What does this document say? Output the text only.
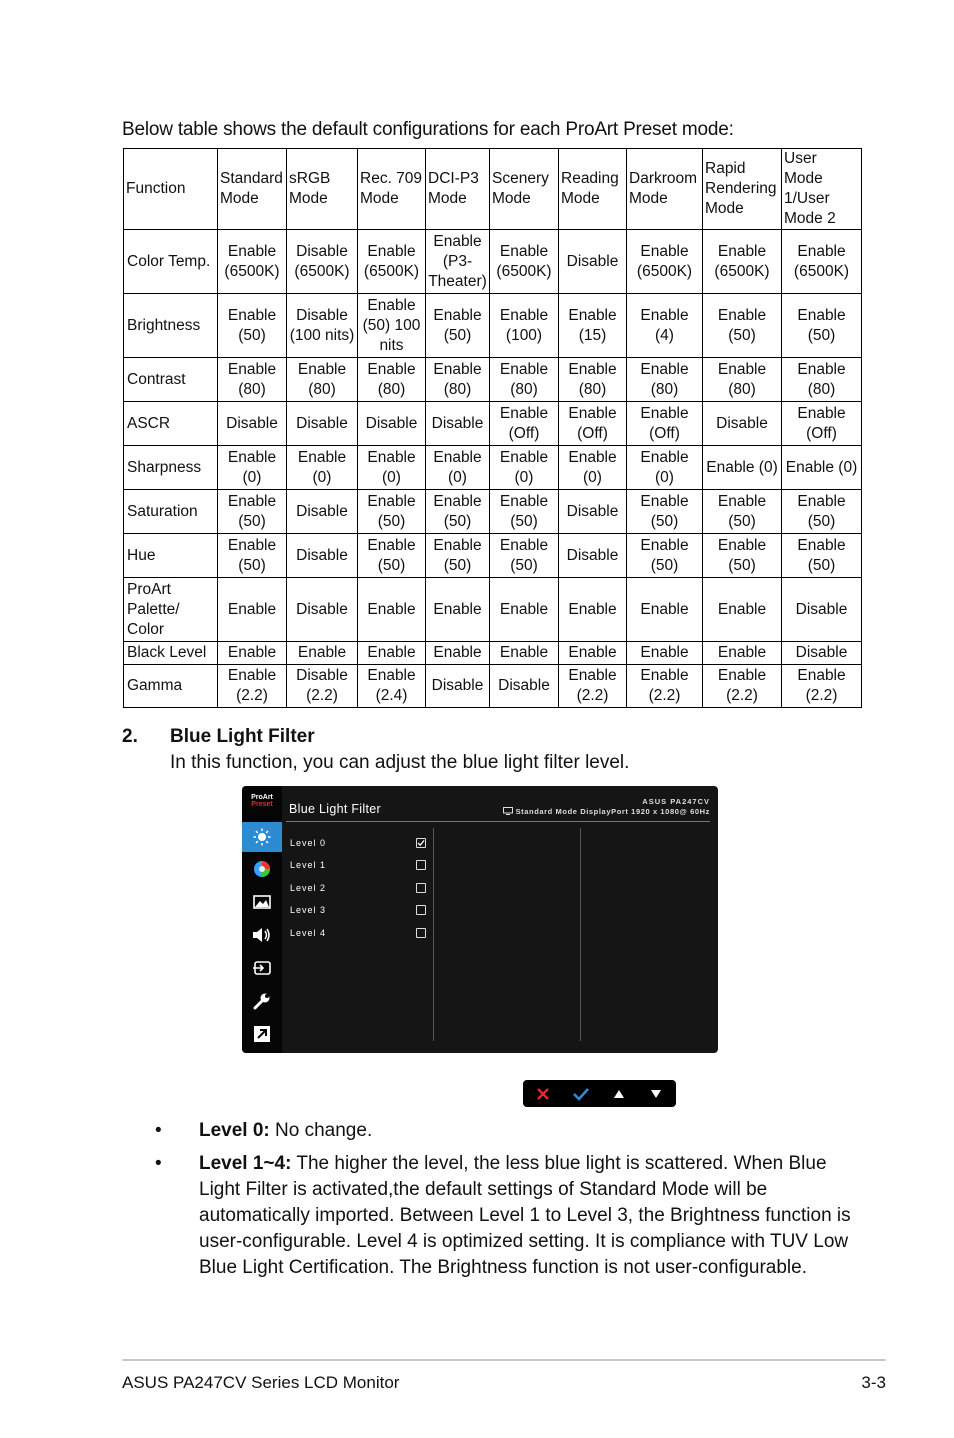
Below table shows the default configurations for each ProArt Preset mode:
Function	Standard Mode	sRGB Mode	Rec. 709 Mode	DCI-P3 Mode	Scenery Mode	Reading Mode	Darkroom Mode	Rapid Rendering Mode	User Mode 1/User Mode 2
Color Temp.	Enable (6500K)	Disable (6500K)	Enable (6500K)	Enable (P3-Theater)	Enable (6500K)	Disable	Enable (6500K)	Enable (6500K)	Enable (6500K)
Brightness	Enable (50)	Disable (100 nits)	Enable (50) 100 nits	Enable (50)	Enable (100)	Enable (15)	Enable (4)	Enable (50)	Enable (50)
Contrast	Enable (80)	Enable (80)	Enable (80)	Enable (80)	Enable (80)	Enable (80)	Enable (80)	Enable (80)	Enable (80)
ASCR	Disable	Disable	Disable	Disable	Enable (Off)	Enable (Off)	Enable (Off)	Disable	Enable (Off)
Sharpness	Enable (0)	Enable (0)	Enable (0)	Enable (0)	Enable (0)	Enable (0)	Enable (0)	Enable (0)	Enable (0)
Saturation	Enable (50)	Disable	Enable (50)	Enable (50)	Enable (50)	Disable	Enable (50)	Enable (50)	Enable (50)
Hue	Enable (50)	Disable	Enable (50)	Enable (50)	Enable (50)	Disable	Enable (50)	Enable (50)	Enable (50)
ProArt Palette/ Color	Enable	Disable	Enable	Enable	Enable	Enable	Enable	Enable	Disable
Black Level	Enable	Enable	Enable	Enable	Enable	Enable	Enable	Enable	Disable
Gamma	Enable (2.2)	Disable (2.2)	Enable (2.4)	Disable	Disable	Enable (2.2)	Enable (2.2)	Enable (2.2)	Enable (2.2)
2. Blue Light Filter
In this function, you can adjust the blue light filter level.
ProArt
Preset	Blue Light Filter
ASUS PA247CV
Standard Mode DisplayPort 1920 x 1080@ 60Hz
Level 0
Level 1
Level 2
Level 3
Level 4
• Level 0: No change.
• Level 1~4: The higher the level, the less blue light is scattered. When Blue Light Filter is activated,the default settings of Standard Mode will be automatically imported. Between Level 1 to Level 3, the Brightness function is user-configurable. Level 4 is optimized setting. It is compliance with TUV Low Blue Light Certification. The Brightness function is not user-configurable.
ASUS PA247CV Series LCD Monitor	3-3
